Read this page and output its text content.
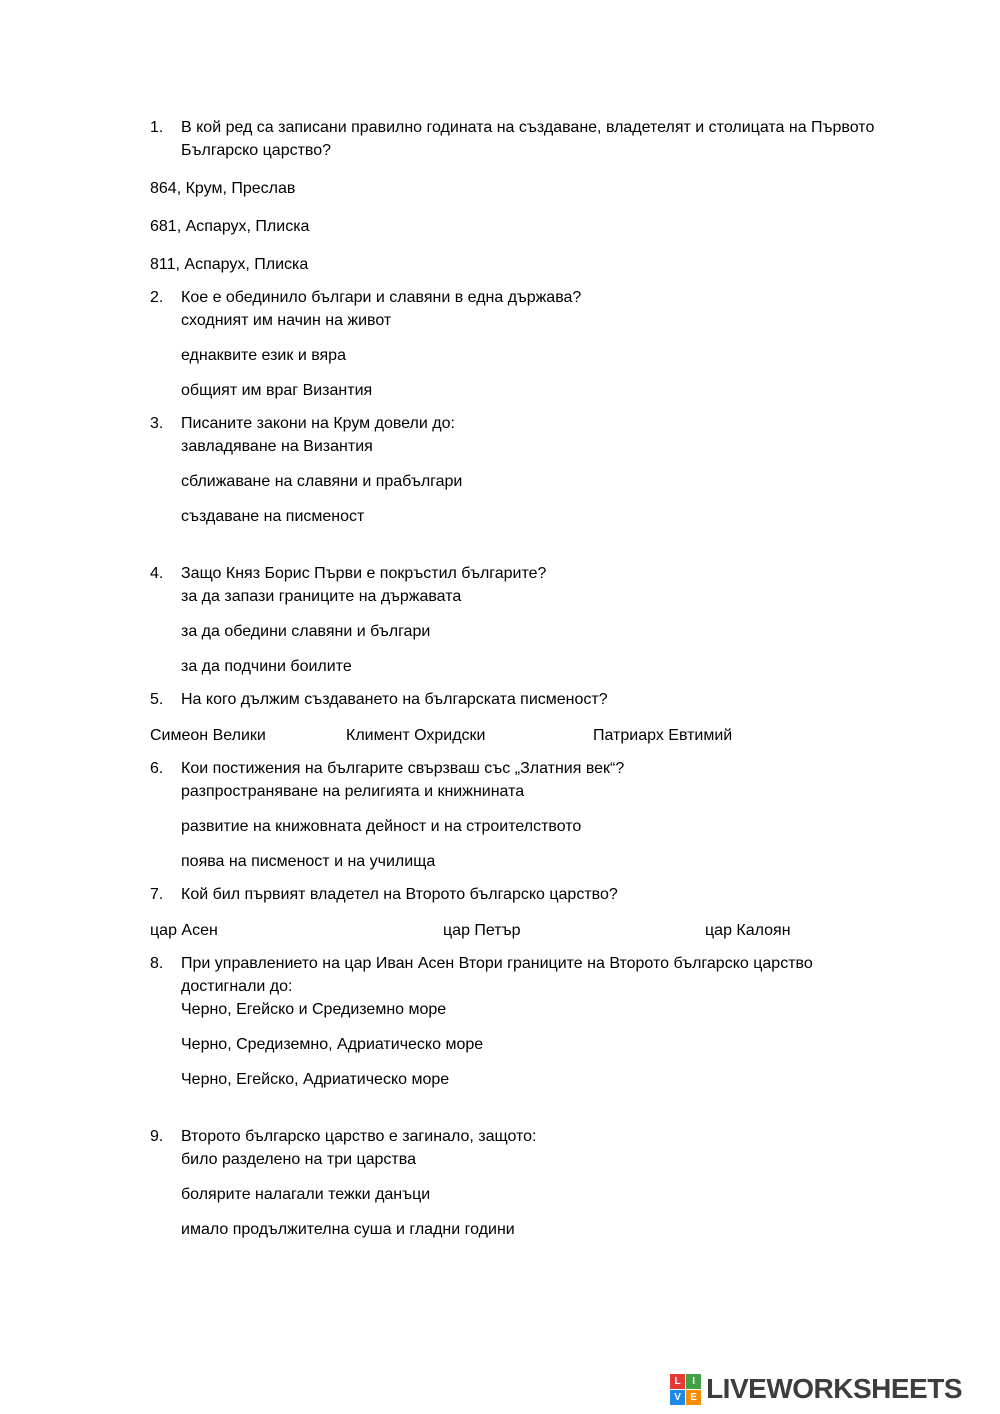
1.	В кой ред са записани правилно годината на създаване, владетелят и столицата на Първото Българско царство?
864, Крум, Преслав
681, Аспарух, Плиска
811, Аспарух, Плиска
2.	Кое е обединило българи и славяни в една държава?
сходният им начин на живот
еднаквите език и вяра
общият им враг Византия
3.	Писаните закони на Крум довели до:
завладяване на Византия
сближаване на славяни и прабългари
създаване на писменост
4.	Защо Княз Борис Първи е покръстил българите?
за да запази границите на държавата
за да обедини славяни и българи
за да подчини боилите
5.	На кого дължим създаването на българската писменост?
Симеон Велики	Климент Охридски	Патриарх Евтимий
6.	Кои постижения на българите свързваш със „Златния век“?
разпространяване на религията и книжнината
развитие на книжовната дейност и на строителството
поява на писменост и на училища
7.	Кой бил първият владетел на Второто българско царство?
цар Асен	цар Петър	цар Калоян
8.	При управлението на цар Иван Асен Втори границите на Второто българско царство достигнали до:
Черно, Егейско и Средиземно море
Черно, Средиземно, Адриатическо море
Черно, Егейско, Адриатическо море
9.	Второто българско царство е загинало, защото:
било разделено на три царства
болярите налагали тежки данъци
имало продължителна суша и гладни години
L	I
V E LIVEWORKSHEETS
